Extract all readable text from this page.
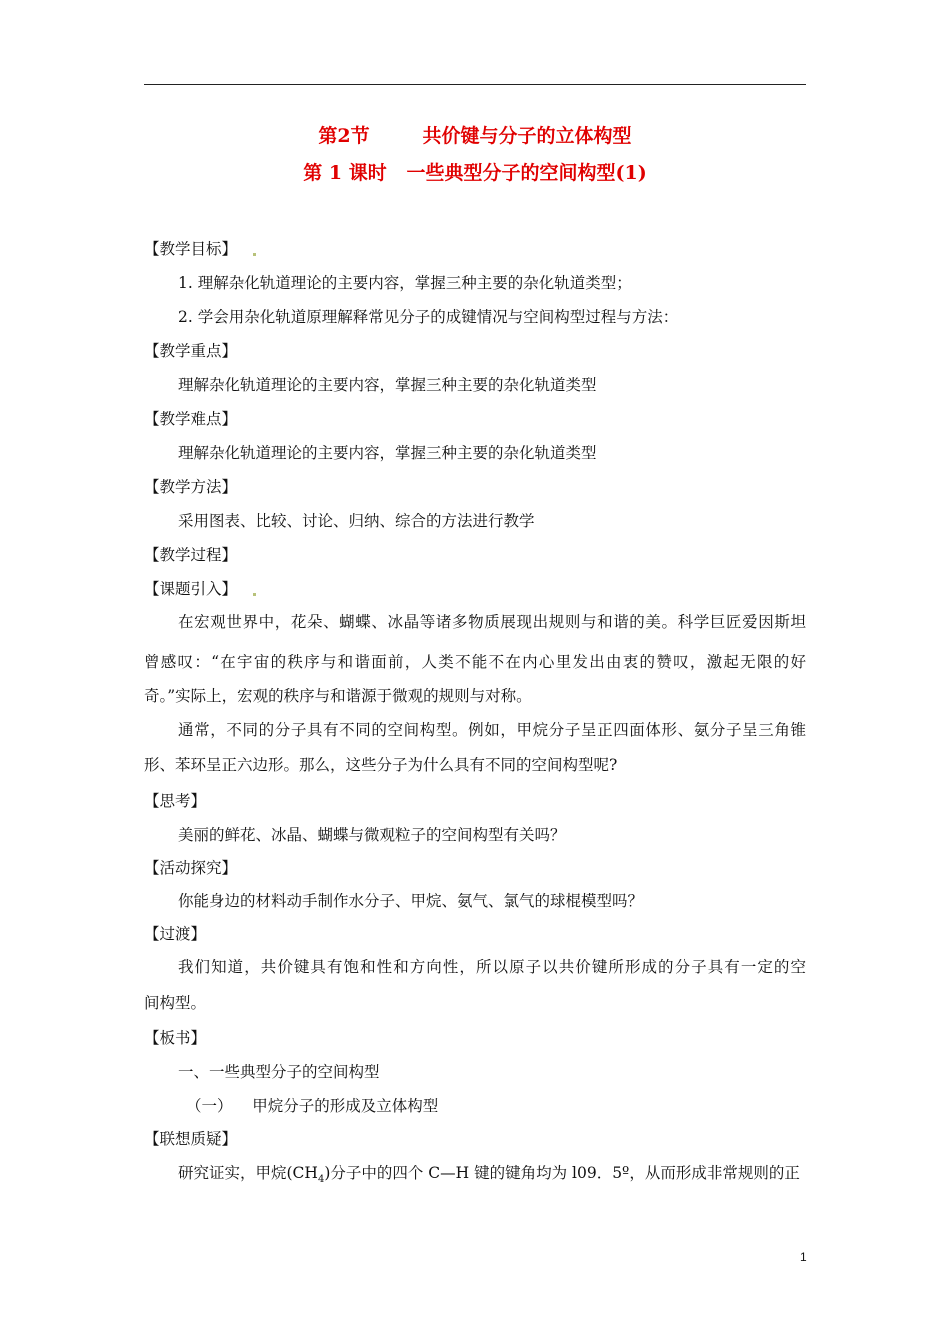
第2节        共价键与分子的立体构型
第 1 课时   一些典型分子的空间构型(1)
【教学目标】
1. 理解杂化轨道理论的主要内容，掌握三种主要的杂化轨道类型；
2. 学会用杂化轨道原理解释常见分子的成键情况与空间构型过程与方法：
【教学重点】
理解杂化轨道理论的主要内容，掌握三种主要的杂化轨道类型
【教学难点】
理解杂化轨道理论的主要内容，掌握三种主要的杂化轨道类型
【教学方法】
采用图表、比较、讨论、归纳、综合的方法进行教学
【教学过程】
【课题引入】
在宏观世界中，花朵、蝴蝶、冰晶等诸多物质展现出规则与和谐的美。科学巨匠爱因斯坦
曾感叹：“在宇宙的秩序与和谐面前，人类不能不在内心里发出由衷的赞叹，激起无限的好
奇。”实际上，宏观的秩序与和谐源于微观的规则与对称。
通常，不同的分子具有不同的空间构型。例如，甲烷分子呈正四面体形、氨分子呈三角锥
形、苯环呈正六边形。那么，这些分子为什么具有不同的空间构型呢?
【思考】
美丽的鲜花、冰晶、蝴蝶与微观粒子的空间构型有关吗？
【活动探究】
你能身边的材料动手制作水分子、甲烷、氨气、氯气的球棍模型吗？
【过渡】
我们知道，共价键具有饱和性和方向性，所以原子以共价键所形成的分子具有一定的空
间构型。
【板书】
一、一些典型分子的空间构型
（一）    甲烷分子的形成及立体构型
【联想质疑】
研究证实，甲烷$(CH_4)$分子中的四个 C—H 键的键角均为 l09．5º，从而形成非常规则的正
1
